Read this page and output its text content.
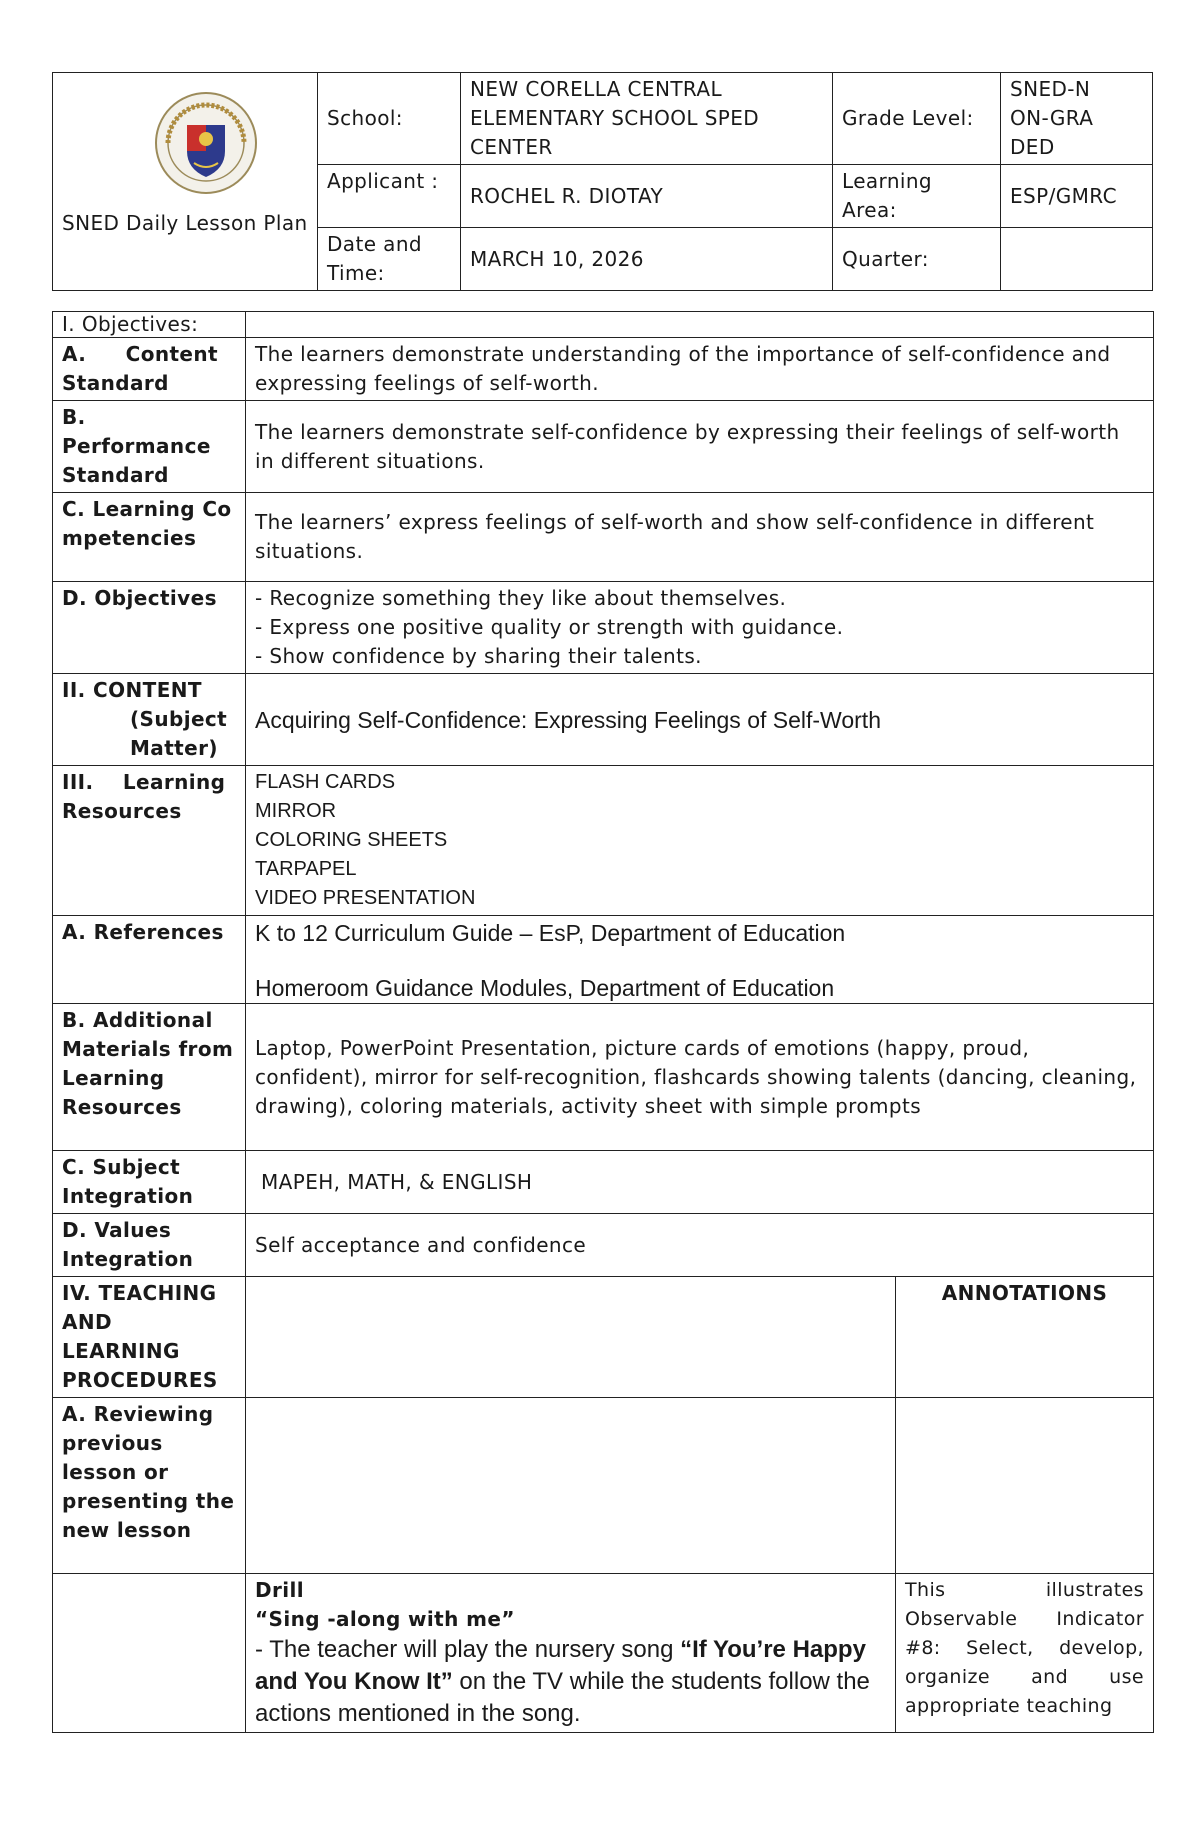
SNED Daily Lesson Plan	School:	NEW CORELLA CENTRAL ELEMENTARY SCHOOL SPED CENTER	Grade Level:	SNED-NON-GRADED

	Applicant :	ROCHEL R. DIOTAY	Learning Area:	ESP/GMRC
	Date and Time:	MARCH 10, 2026	Quarter:	
I. Objectives:		

A. Content Standard	The learners demonstrate understanding of the importance of self-confidence and expressing feelings of self-worth.	
B. Performance Standard	The learners demonstrate self-confidence by expressing their feelings of self-worth in different situations.	
C. Learning Competencies	The learners’ express feelings of self-worth and show self-confidence in different situations.	
D. Objectives	- Recognize something they like about themselves.
- Express one positive quality or strength with guidance.
- Show confidence by sharing their talents.	

II. CONTENT
(Subject Matter)	Acquiring Self-Confidence: Expressing Feelings of Self-Worth	

III. Learning Resources	FLASH CARDS
MIRROR
COLORING SHEETS
TARPAPEL
VIDEO PRESENTATION	

A. References	K to 12 Curriculum Guide – EsP, Department of Education
Homeroom Guidance Modules, Department of Education	

B. Additional Materials from Learning Resources	Laptop, PowerPoint Presentation, picture cards of emotions (happy, proud, confident), mirror for self-recognition, flashcards showing talents (dancing, cleaning, drawing), coloring materials, activity sheet with simple prompts	
C. Subject Integration	MAPEH, MATH, & ENGLISH	
D. Values Integration	Self acceptance and confidence	
IV. TEACHING AND LEARNING PROCEDURES		ANNOTATIONS
A. Reviewing previous lesson or presenting the new lesson		

	Drill
“Sing -along with me”
- The teacher will play the nursery song “If You’re Happy and You Know It” on the TV while the students follow the actions mentioned in the song.	This illustrates Observable Indicator #8: Select, develop, organize and use appropriate teaching
